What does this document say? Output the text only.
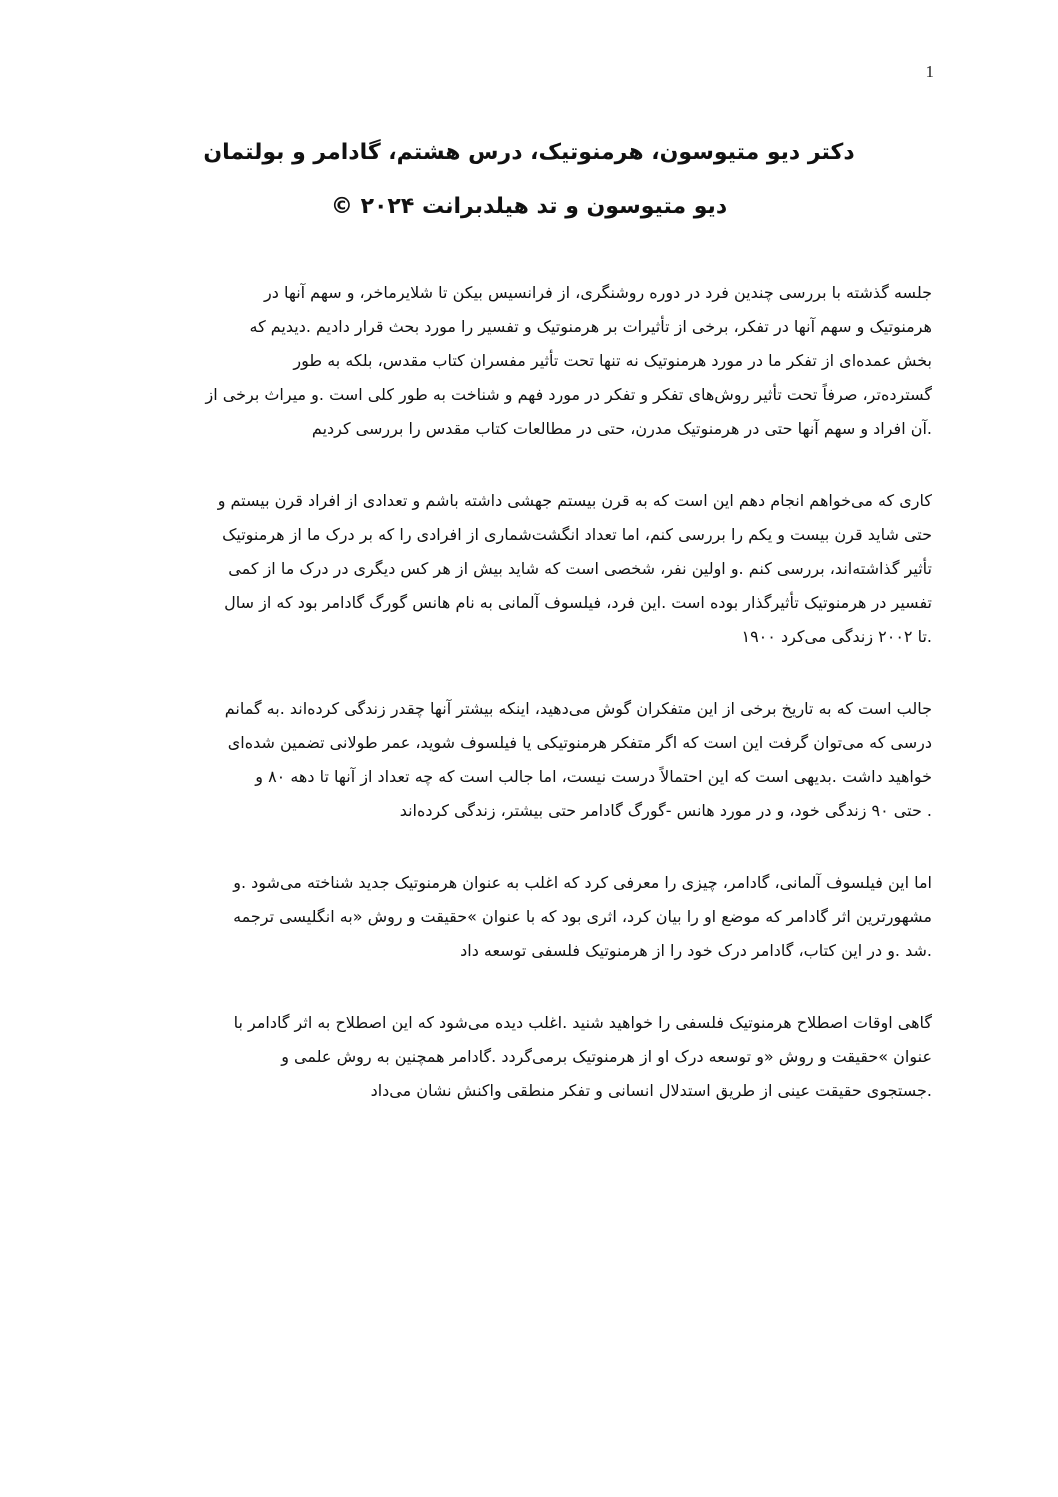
1

دکتر دیو متیوسون، هرمنوتیک، درس هشتم، گادامر و بولتمان

دیو متیوسون و تد هیلدبرانت ۲۰۲۴ ©

جلسه گذشته با بررسی چندین فرد در دوره روشنگری، از فرانسیس بیکن تا شلایرماخر، و سهم آنها در
هرمنوتیک و سهم آنها در تفکر، برخی از تأثیرات بر هرمنوتیک و تفسیر را مورد بحث قرار دادیم .دیدیم که
بخش عمده‌ای از تفکر ما در مورد هرمنوتیک نه تنها تحت تأثیر مفسران کتاب مقدس، بلکه به طور
گسترده‌تر، صرفاً تحت تأثیر روش‌های تفکر و تفکر در مورد فهم و شناخت به طور کلی است .و میراث برخی از
.آن افراد و سهم آنها حتی در هرمنوتیک مدرن، حتی در مطالعات کتاب مقدس را بررسی کردیم

کاری که می‌خواهم انجام دهم این است که به قرن بیستم جهشی داشته باشم و تعدادی از افراد قرن بیستم و
حتی شاید قرن بیست و یکم را بررسی کنم، اما تعداد انگشت‌شماری از افرادی را که بر درک ما از هرمنوتیک
تأثیر گذاشته‌اند، بررسی کنم .و اولین نفر، شخصی است که شاید بیش از هر کس دیگری در درک ما از کمی
تفسیر در هرمنوتیک تأثیرگذار بوده است .این فرد، فیلسوف آلمانی به نام هانس گورگ گادامر بود که از سال
.تا ۲۰۰۲ زندگی می‌کرد ۱۹۰۰

جالب است که به تاریخ برخی از این متفکران گوش می‌دهید، اینکه بیشتر آنها چقدر زندگی کرده‌اند .به گمانم
درسی که می‌توان گرفت این است که اگر متفکر هرمنوتیکی یا فیلسوف شوید، عمر طولانی تضمین شده‌ای
خواهید داشت .بدیهی است که این احتمالاً درست نیست، اما جالب است که چه تعداد از آنها تا دهه ۸۰ و
. حتی ۹۰ زندگی خود، و در مورد هانس -گورگ گادامر حتی بیشتر، زندگی کرده‌اند

اما این فیلسوف آلمانی، گادامر، چیزی را معرفی کرد که اغلب به عنوان هرمنوتیک جدید شناخته می‌شود .و
مشهورترین اثر گادامر که موضع او را بیان کرد، اثری بود که با عنوان »حقیقت و روش «به انگلیسی ترجمه
.شد .و در این کتاب، گادامر درک خود را از هرمنوتیک فلسفی توسعه داد

گاهی اوقات اصطلاح هرمنوتیک فلسفی را خواهید شنید .اغلب دیده می‌شود که این اصطلاح به اثر گادامر با
عنوان »حقیقت و روش «و توسعه درک او از هرمنوتیک برمی‌گردد .گادامر همچنین به روش علمی و
.جستجوی حقیقت عینی از طریق استدلال انسانی و تفکر منطقی واکنش نشان می‌داد
